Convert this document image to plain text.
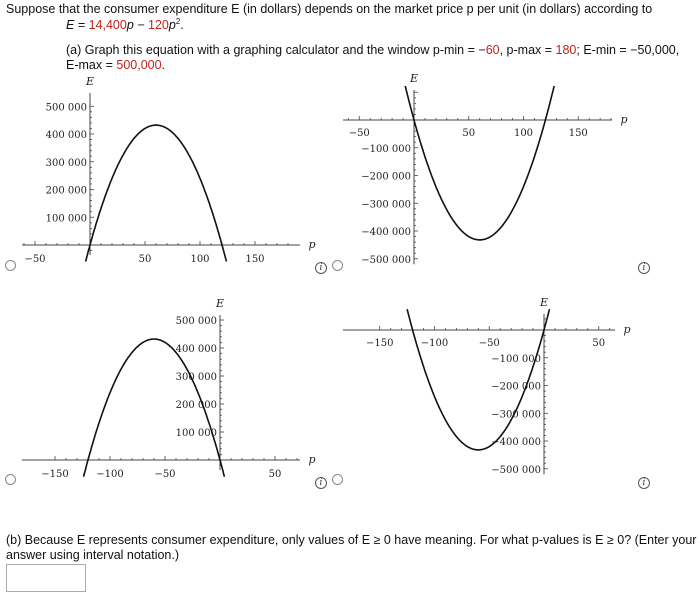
Suppose that the consumer expenditure E (in dollars) depends on the market price p per unit (in dollars) according to
$E = 14,400p - 120p^2$.
(a) Graph this equation with a graphing calculator and the window p-min = −60, p-max = 180; E-min = −50,000,
E-max = 500,000.
E
p
−50	50	100	150
100 000
200 000
300 000
400 000
500 000
E
p
−50	50	100	150
−100 000
−200 000
−300 000
−400 000
−500 000
E
p
−150	−100	−50	50
100 000
200 000
300 000
400 000
500 000
E
p
−150	−100	−50	50
−100 000
−200 000
−300 000
−400 000
−500 000
i	i
i	i
(b) Because E represents consumer expenditure, only values of E ≥ 0 have meaning. For what p-values is E ≥ 0? (Enter your
answer using interval notation.)
